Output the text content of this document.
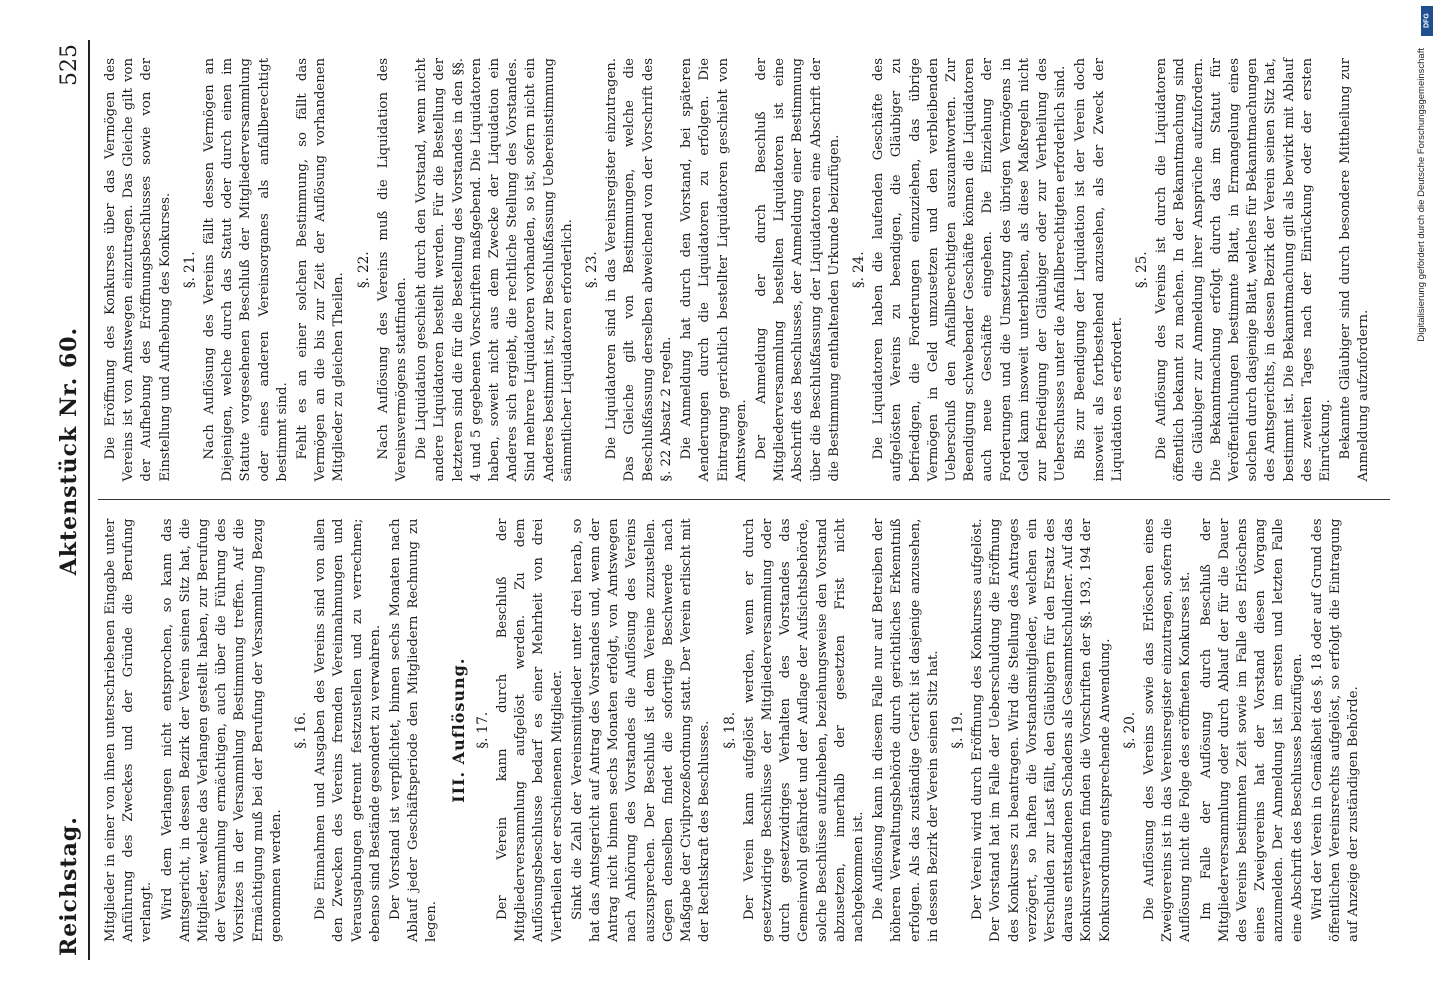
Reichstag.
Aktenstück Nr. 60.
525

Mitglieder in einer von ihnen unterschriebenen Eingabe unter Anführung des Zweckes und der Gründe die Berufung verlangt. Wird dem Verlangen nicht entsprochen, so kann das Amtsgericht, in dessen Bezirk der Verein seinen Sitz hat, die Mitglieder, welche das Verlangen gestellt haben, zur Berufung der Versammlung ermächtigen, auch über die Führung des Vorsitzes in der Versammlung Bestimmung treffen. Auf die Ermächtigung muß bei der Berufung der Versammlung Bezug genommen werden.

§. 16. Die Einnahmen und Ausgaben des Vereins sind von allen den Zwecken des Vereins fremden Vereinnahmungen und Verausgabungen getrennt festzustellen und zu verrechnen; ebenso sind Bestände gesondert zu verwahren. Der Vorstand ist verpflichtet, binnen sechs Monaten nach Ablauf jeder Geschäftsperiode den Mitgliedern Rechnung zu legen.

III. Auflösung. §. 17. Der Verein kann durch Beschluß der Mitgliederversammlung aufgelöst werden. Zu dem Auflösungsbeschlusse bedarf es einer Mehrheit von drei Viertheilen der erschienenen Mitglieder. Sinkt die Zahl der Vereinsmitglieder unter drei herab, so hat das Amtsgericht auf Antrag des Vorstandes und, wenn der Antrag nicht binnen sechs Monaten erfolgt, von Amtswegen nach Anhörung des Vorstandes die Auflösung des Vereins auszusprechen. Der Beschluß ist dem Vereine zuzustellen. Gegen denselben findet die sofortige Beschwerde nach Maßgabe der Civilprozeßordnung statt. Der Verein erlischt mit der Rechtskraft des Beschlusses. §. 18. Der Verein kann aufgelöst werden, wenn er durch gesetzwidrige Beschlüsse der Mitgliederversammlung oder durch gesetzwidriges Verhalten des Vorstandes das Gemeinwohl gefährdet und der Auflage der Aufsichtsbehörde, solche Beschlüsse aufzuheben, beziehungsweise den Vorstand abzusetzen, innerhalb der gesetzten Frist nicht nachgekommen ist. Die Auflösung kann in diesem Falle nur auf Betreiben der höheren Verwaltungsbehörde durch gerichtliches Erkenntniß erfolgen. Als das zuständige Gericht ist dasjenige anzusehen, in dessen Bezirk der Verein seinen Sitz hat. §. 19. Der Verein wird durch Eröffnung des Konkurses aufgelöst. Der Vorstand hat im Falle der Ueberschuldung die Eröffnung des Konkurses zu beantragen. Wird die Stellung des Antrages verzögert, so haften die Vorstandsmitglieder, welchen ein Verschulden zur Last fällt, den Gläubigern für den Ersatz des daraus entstandenen Schadens als Gesammtschuldner. Auf das Konkursverfahren finden die Vorschriften der §§. 193, 194 der Konkursordnung entsprechende Anwendung. §. 20. Die Auflösung des Vereins sowie das Erlöschen eines Zweigvereins ist in das Vereinsregister einzutragen, sofern die Auflösung nicht die Folge des eröffneten Konkurses ist. Im Falle der Auflösung durch Beschluß der Mitgliederversammlung oder durch Ablauf der für die Dauer des Vereins bestimmten Zeit sowie im Falle des Erlöschens eines Zweigvereins hat der Vorstand diesen Vorgang anzumelden. Der Anmeldung ist im ersten und letzten Falle eine Abschrift des Beschlusses beizufügen. Wird der Verein in Gemäßheit des §. 18 oder auf Grund des öffentlichen Vereinsrechts aufgelöst, so erfolgt die Eintragung auf Anzeige der zuständigen Behörde.

Die Eröffnung des Konkurses über das Vermögen des Vereins ist von Amtswegen einzutragen. Das Gleiche gilt von der Aufhebung des Eröffnungsbeschlusses sowie von der Einstellung und Aufhebung des Konkurses. §. 21. Nach Auflösung des Vereins fällt dessen Vermögen an Diejenigen, welche durch das Statut oder durch einen im Statute vorgesehenen Beschluß der Mitgliederversammlung oder eines anderen Vereinsorganes als anfallberechtigt bestimmt sind. Fehlt es an einer solchen Bestimmung, so fällt das Vermögen an die bis zur Zeit der Auflösung vorhandenen Mitglieder zu gleichen Theilen.

§. 22. Nach Auflösung des Vereins muß die Liquidation des Vereinsvermögens stattfinden. Die Liquidation geschieht durch den Vorstand, wenn nicht andere Liquidatoren bestellt werden. Für die Bestellung der letzteren sind die für die Bestellung des Vorstandes in den §§. 4 und 5 gegebenen Vorschriften maßgebend. Die Liquidatoren haben, soweit nicht aus dem Zwecke der Liquidation ein Anderes sich ergiebt, die rechtliche Stellung des Vorstandes. Sind mehrere Liquidatoren vorhanden, so ist, sofern nicht ein Anderes bestimmt ist, zur Beschlußfassung Uebereinstimmung sämmtlicher Liquidatoren erforderlich. §. 23. Die Liquidatoren sind in das Vereinsregister einzutragen. Das Gleiche gilt von Bestimmungen, welche die Beschlußfassung derselben abweichend von der Vorschrift des §. 22 Absatz 2 regeln. Die Anmeldung hat durch den Vorstand, bei späteren Aenderungen durch die Liquidatoren zu erfolgen. Die Eintragung gerichtlich bestellter Liquidatoren geschieht von Amtswegen. Der Anmeldung der durch Beschluß der Mitgliederversammlung bestellten Liquidatoren ist eine Abschrift des Beschlusses, der Anmeldung einer Bestimmung über die Beschlußfassung der Liquidatoren eine Abschrift der die Bestimmung enthaltenden Urkunde beizufügen. §. 24. Die Liquidatoren haben die laufenden Geschäfte des aufgelösten Vereins zu beendigen, die Gläubiger zu befriedigen, die Forderungen einzuziehen, das übrige Vermögen in Geld umzusetzen und den verbleibenden Ueberschuß den Anfallberechtigten auszuantworten. Zur Beendigung schwebender Geschäfte können die Liquidatoren auch neue Geschäfte eingehen. Die Einziehung der Forderungen und die Umsetzung des übrigen Vermögens in Geld kann insoweit unterbleiben, als diese Maßregeln nicht zur Befriedigung der Gläubiger oder zur Vertheilung des Ueberschusses unter die Anfallberechtigten erforderlich sind. Bis zur Beendigung der Liquidation ist der Verein doch insoweit als fortbestehend anzusehen, als der Zweck der Liquidation es erfordert.

§. 25. Die Auflösung des Vereins ist durch die Liquidatoren öffentlich bekannt zu machen. In der Bekanntmachung sind die Gläubiger zur Anmeldung ihrer Ansprüche aufzufordern. Die Bekanntmachung erfolgt durch das im Statut für Veröffentlichungen bestimmte Blatt, in Ermangelung eines solchen durch dasjenige Blatt, welches für Bekanntmachungen des Amtsgerichts, in dessen Bezirk der Verein seinen Sitz hat, bestimmt ist. Die Bekanntmachung gilt als bewirkt mit Ablauf des zweiten Tages nach der Einrückung oder der ersten Einrückung. Bekannte Gläubiger sind durch besondere Mittheilung zur Anmeldung aufzufordern.

Digitalisierung gefördert durch die Deutsche Forschungsgemeinschaft
DFG
